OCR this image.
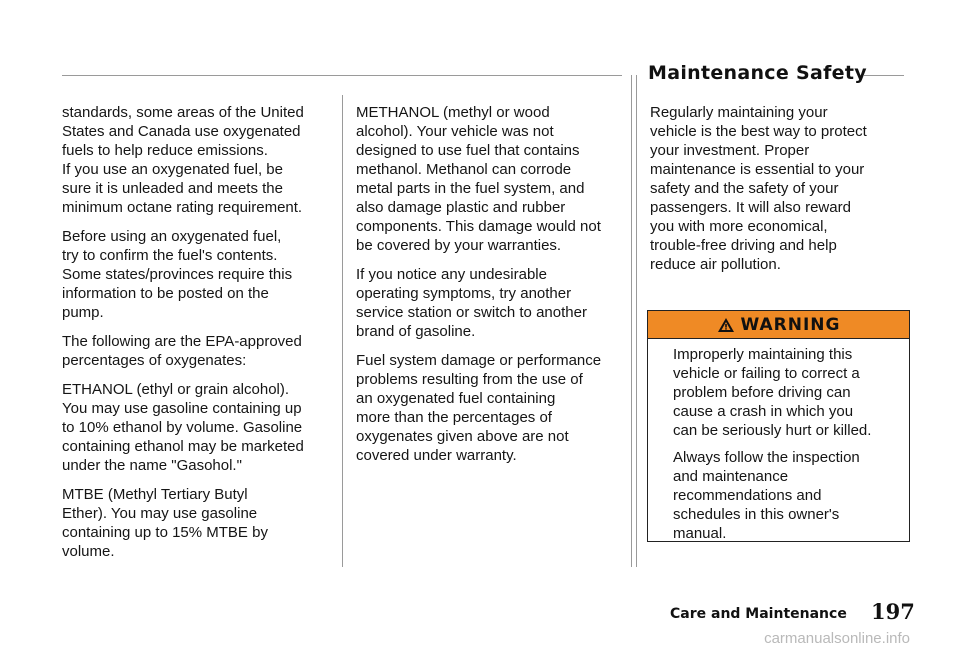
Maintenance Safety

standards, some areas of the United
States and Canada use oxygenated
fuels to help reduce emissions.
If you use an oxygenated fuel, be
sure it is unleaded and meets the
minimum octane rating requirement.

Before using an oxygenated fuel,
try to confirm the fuel's contents.
Some states/provinces require this
information to be posted on the
pump.

The following are the EPA-approved
percentages of oxygenates:

ETHANOL (ethyl or grain alcohol).
You may use gasoline containing up
to 10% ethanol by volume. Gasoline
containing ethanol may be marketed
under the name "Gasohol."

MTBE (Methyl Tertiary Butyl
Ether). You may use gasoline
containing up to 15% MTBE by
volume.

METHANOL (methyl or wood
alcohol). Your vehicle was not
designed to use fuel that contains
methanol. Methanol can corrode
metal parts in the fuel system, and
also damage plastic and rubber
components. This damage would not
be covered by your warranties.

If you notice any undesirable
operating symptoms, try another
service station or switch to another
brand of gasoline.

Fuel system damage or performance
problems resulting from the use of
an oxygenated fuel containing
more than the percentages of
oxygenates given above are not
covered under warranty.

Regularly maintaining your
vehicle is the best way to protect
your investment. Proper
maintenance is essential to your
safety and the safety of your
passengers. It will also reward
you with more economical,
trouble-free driving and help
reduce air pollution.

WARNING

Improperly maintaining this
vehicle or failing to correct a
problem before driving can
cause a crash in which you
can be seriously hurt or killed.

Always follow the inspection
and maintenance
recommendations and
schedules in this owner's
manual.

Care and Maintenance 197
carmanualsonline.info
